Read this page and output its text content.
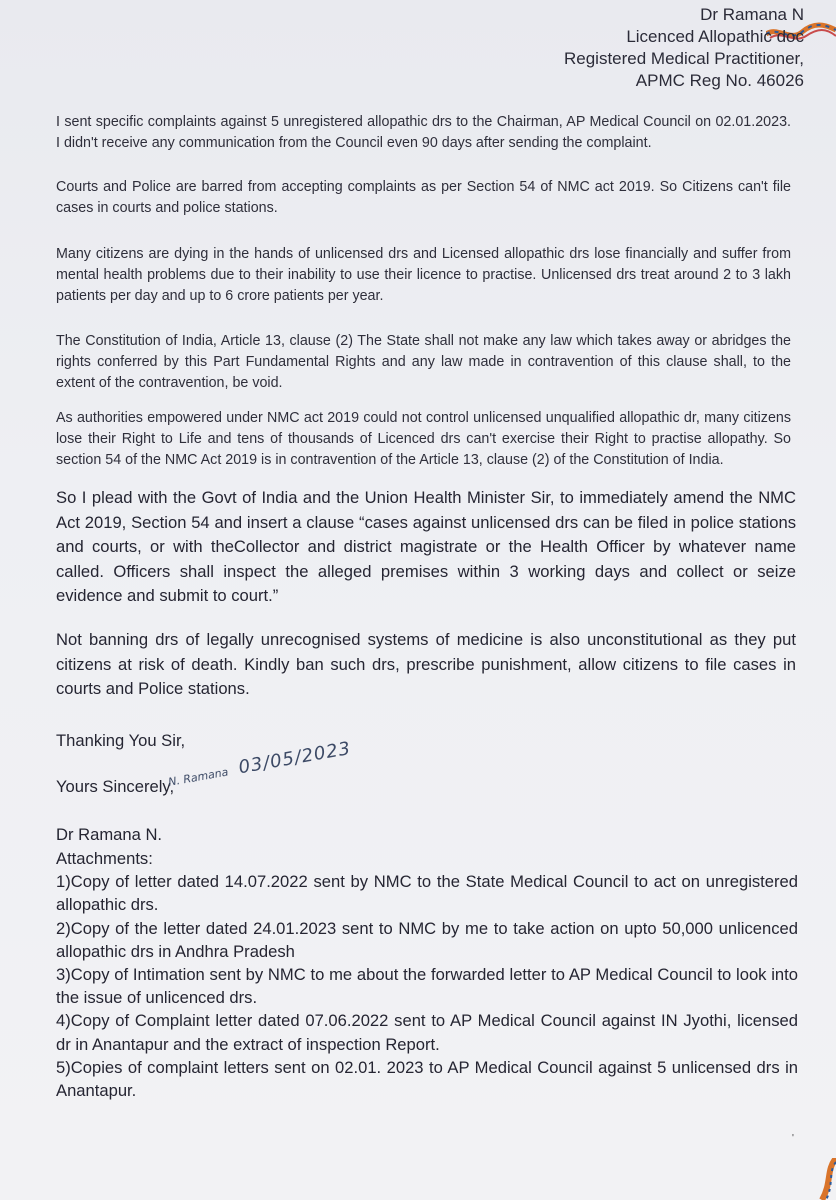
Dr Ramana N
Licenced Allopathic doc
Registered Medical Practitioner,
APMC Reg No. 46026

I sent specific complaints against 5 unregistered allopathic drs to the Chairman, AP Medical Council on 02.01.2023. I didn't receive any communication from the Council even 90 days after sending the complaint.

Courts and Police are barred from accepting complaints as per Section 54 of NMC act 2019. So Citizens can't file cases in courts and police stations.

Many citizens are dying in the hands of unlicensed drs and Licensed allopathic drs lose financially and suffer from mental health problems due to their inability to use their licence to practise. Unlicensed drs treat around 2 to 3 lakh patients per day and up to 6 crore patients per year.

The Constitution of India, Article 13, clause (2) The State shall not make any law which takes away or abridges the rights conferred by this Part Fundamental Rights and any law made in contravention of this clause shall, to the extent of the contravention, be void.

As authorities empowered under NMC act 2019 could not control unlicensed unqualified allopathic dr, many citizens lose their Right to Life and tens of thousands of Licenced drs can't exercise their Right to practise allopathy. So section 54 of the NMC Act 2019 is in contravention of the Article 13, clause (2) of the Constitution of India.

So I plead with the Govt of India and the Union Health Minister Sir, to immediately amend the NMC Act 2019, Section 54 and insert a clause “cases against unlicensed drs can be filed in police stations and courts, or with theCollector and district magistrate or the Health Officer by whatever name called. Officers shall inspect the alleged premises within 3 working days and collect or seize evidence and submit to court.”

Not banning drs of legally unrecognised systems of medicine is also unconstitutional as they put citizens at risk of death. Kindly ban such drs, prescribe punishment, allow citizens to file cases in courts and Police stations.

Thanking You Sir,
Yours Sincerely,
N. Ramana 03/05/2023
Dr Ramana N.
Attachments:
1)Copy of letter dated 14.07.2022 sent by NMC to the State Medical Council to act on unregistered allopathic drs.
2)Copy of the letter dated 24.01.2023 sent to NMC by me to take action on upto 50,000 unlicenced allopathic drs in Andhra Pradesh
3)Copy of Intimation sent by NMC to me about the forwarded letter to AP Medical Council to look into the issue of unlicenced drs.
4)Copy of Complaint letter dated 07.06.2022 sent to AP Medical Council against IN Jyothi, licensed dr in Anantapur and the extract of inspection Report.
5)Copies of complaint letters sent on 02.01. 2023 to AP Medical Council against 5 unlicensed drs in Anantapur.
'
